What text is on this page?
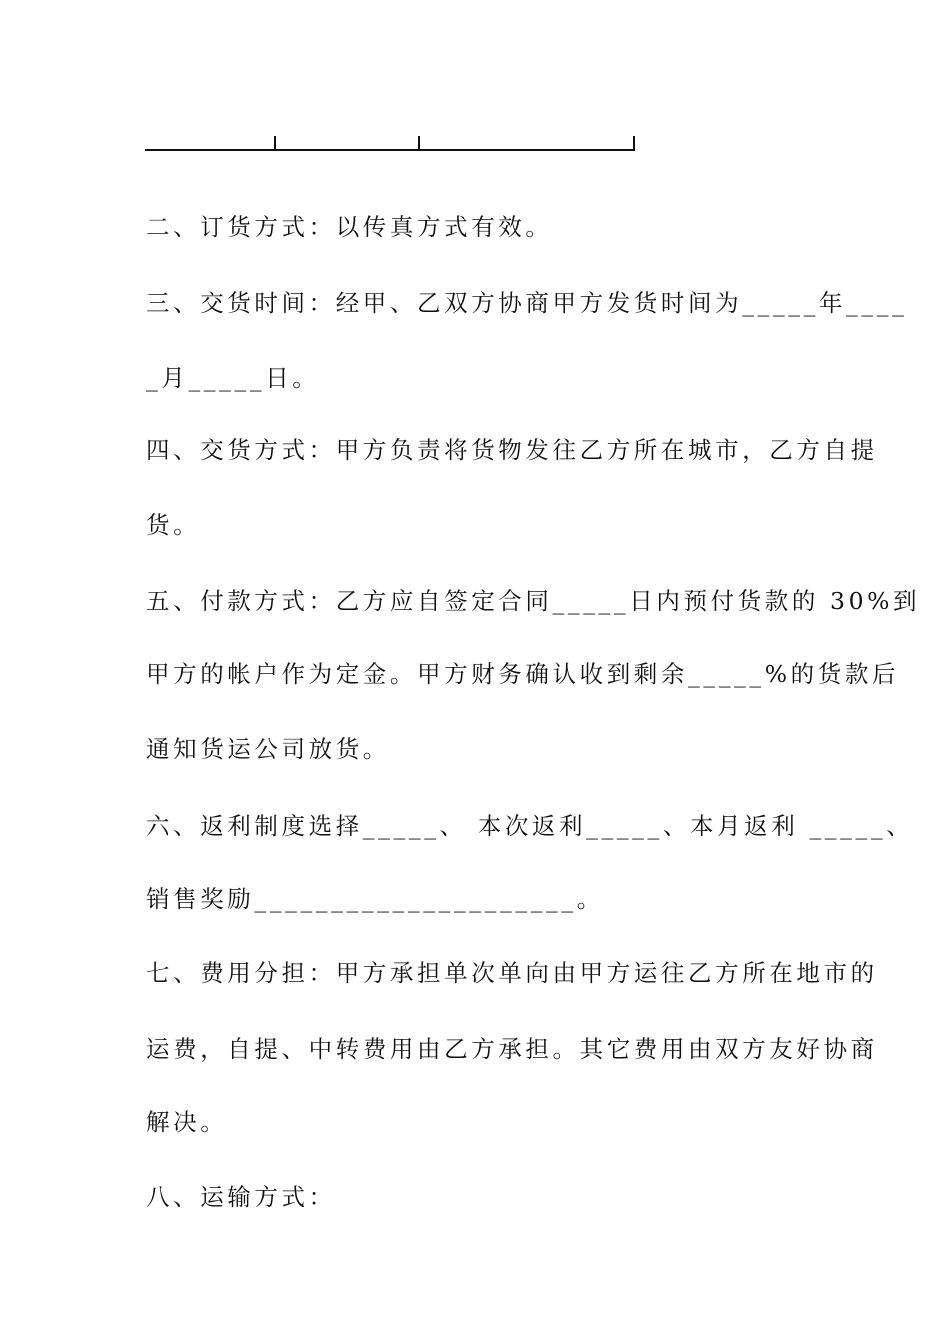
二、订货方式：以传真方式有效。
三、交货时间：经甲、乙双方协商甲方发货时间为_____年____
_月_____日。
四、交货方式：甲方负责将货物发往乙方所在城市，乙方自提
货。
五、付款方式：乙方应自签定合同_____日内预付货款的 30%到
甲方的帐户作为定金。甲方财务确认收到剩余_____%的货款后
通知货运公司放货。
六、返利制度选择_____、 本次返利_____、本月返利 _____、
销售奖励_____________________。
七、费用分担：甲方承担单次单向由甲方运往乙方所在地市的
运费，自提、中转费用由乙方承担。其它费用由双方友好协商
解决。
八、运输方式：
